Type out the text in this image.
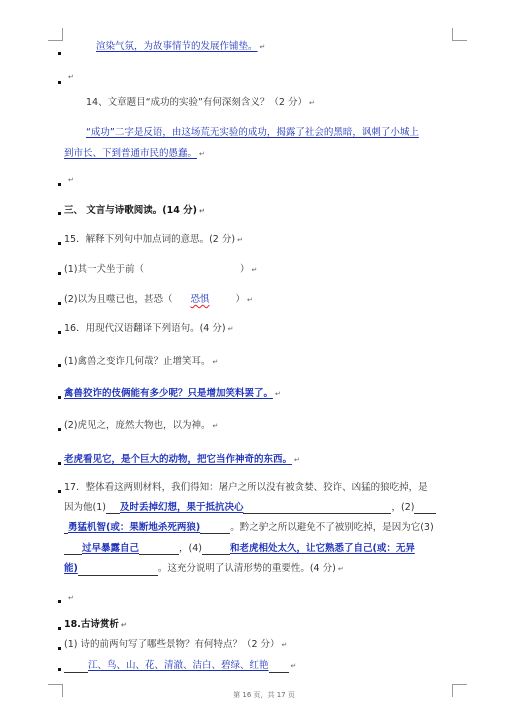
渲染气氛，为故事情节的发展作铺垫。 ↵
↵
14、文章题目“成功的实验”有何深刻含义？（2 分） ↵
“成功”二字是反语，由这场荒无实验的成功，揭露了社会的黑暗，讽刺了小城上
到市长、下到普通市民的愚蠢。 ↵
↵
三、 文言与诗歌阅读。(14 分) ↵
15．解释下列句中加点词的意思。(2 分) ↵
(1)其一犬坐于前（	） ↵
(2)以为且噬已也，甚恐（ 恐惧	） ↵
16．用现代汉语翻译下列语句。(4 分) ↵
(1)禽兽之变诈几何哉？止增笑耳。 ↵
禽兽狡诈的伎俩能有多少呢？只是增加笑料罢了。 ↵
(2)虎见之，庞然大物也，以为神。 ↵
老虎看见它，是个巨大的动物，把它当作神奇的东西。 ↵
17．整体看这两则材料，我们得知：屠户之所以没有被贪婪、狡诈、凶猛的狼吃掉，是
因为他(1) 及时丢掉幻想，果于抵抗决心	，(2)
勇猛机智(或：果断地杀死两狼)	。黔之驴之所以避免不了被别吃掉，是因为它(3)
过早暴露自己	，(4)	和老虎相处太久，让它熟悉了自己(或：无异
能)	。这充分说明了认清形势的重要性。(4 分) ↵
↵
18.古诗赏析 ↵
(1) 诗的前两句写了哪些景物？有何特点？（2 分） ↵
江、鸟、山、花、清澈、洁白、碧绿、红艳	↵
第 16 页，共 17 页
